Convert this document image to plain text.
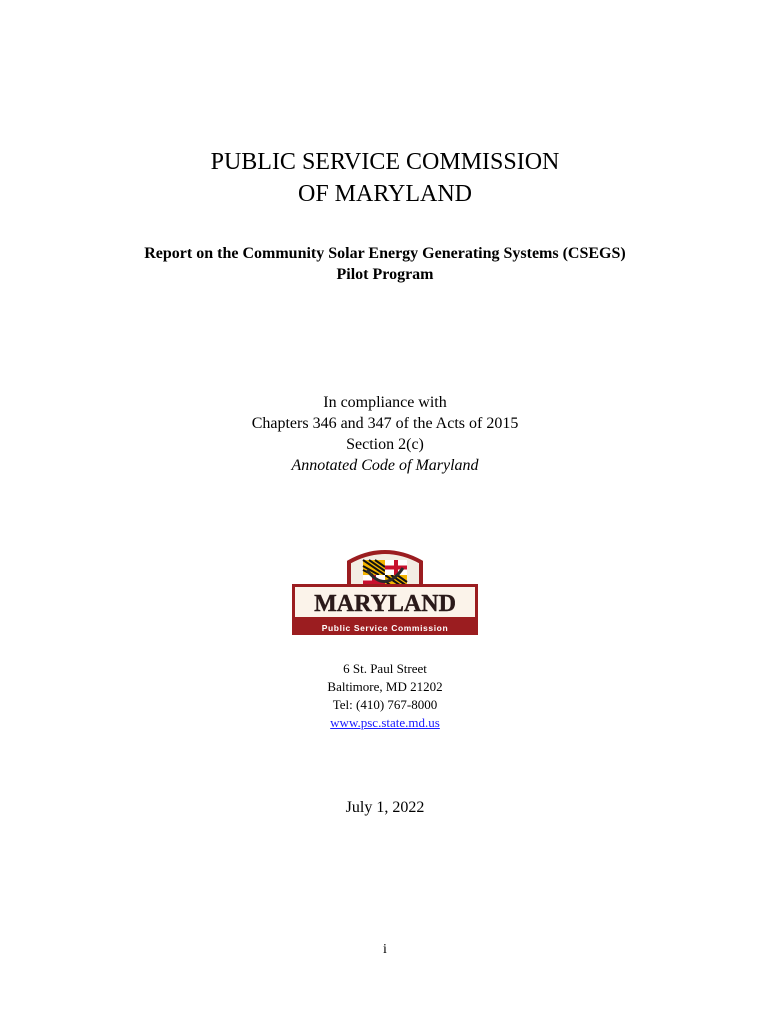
PUBLIC SERVICE COMMISSION
OF MARYLAND
Report on the Community Solar Energy Generating Systems (CSEGS)
Pilot Program
In compliance with
Chapters 346 and 347 of the Acts of 2015
Section 2(c)
Annotated Code of Maryland
MARYLAND
Public Service Commission
6 St. Paul Street
Baltimore, MD 21202
Tel: (410) 767-8000
www.psc.state.md.us
July 1, 2022
i
